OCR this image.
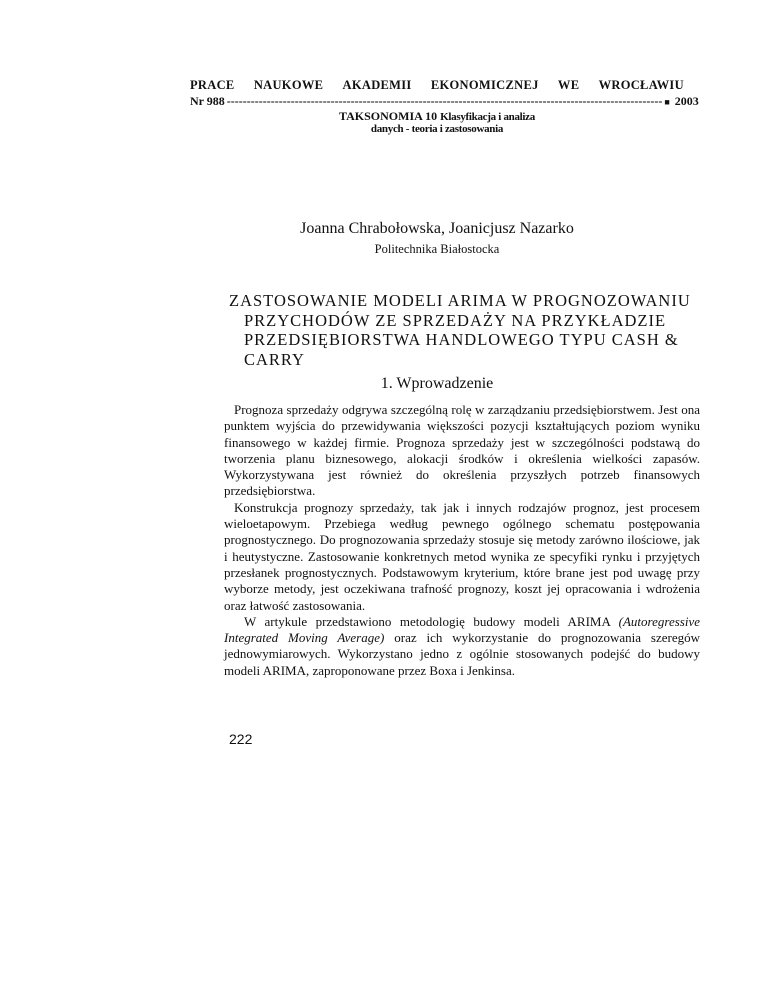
PRACE NAUKOWE AKADEMII EKONOMICZNEJ WE WROCŁAWIU
Nr 988 ------------------------------------------------------------------------------------------------------------- ■ 2003
TAKSONOMIA 10 Klasyfikacja i analiza
danych - teoria i zastosowania
Joanna Chrabołowska, Joanicjusz Nazarko
Politechnika Białostocka
ZASTOSOWANIE MODELI ARIMA W PROGNOZOWANIU
PRZYCHODÓW ZE SPRZEDAŻY NA PRZYKŁADZIE
PRZEDSIĘBIORSTWA HANDLOWEGO TYPU CASH &
CARRY
1. Wprowadzenie

Prognoza sprzedaży odgrywa szczególną rolę w zarządzaniu przedsiębiorstwem. Jest ona punktem wyjścia do przewidywania większości pozycji kształtujących poziom wyniku finansowego w każdej firmie. Prognoza sprzedaży jest w szczególności podstawą do tworzenia planu biznesowego, alokacji środków i określenia wielkości zapasów. Wykorzystywana jest również do określenia przyszłych potrzeb finansowych przedsiębiorstwa.

Konstrukcja prognozy sprzedaży, tak jak i innych rodzajów prognoz, jest procesem wieloetapowym. Przebiega według pewnego ogólnego schematu postępowania prognostycznego. Do prognozowania sprzedaży stosuje się metody zarówno ilościowe, jak i heutystyczne. Zastosowanie konkretnych metod wynika ze specyfiki rynku i przyjętych przesłanek prognostycznych. Podstawowym kryterium, które brane jest pod uwagę przy wyborze metody, jest oczekiwana trafność prognozy, koszt jej opracowania i wdrożenia oraz łatwość zastosowania.

W artykule przedstawiono metodologię budowy modeli ARIMA (Autoregressive Integrated Moving Average) oraz ich wykorzystanie do prognozowania szeregów jednowymiarowych. Wykorzystano jedno z ogólnie stosowanych podejść do budowy modeli ARIMA, zaproponowane przez Boxa i Jenkinsa.

222
